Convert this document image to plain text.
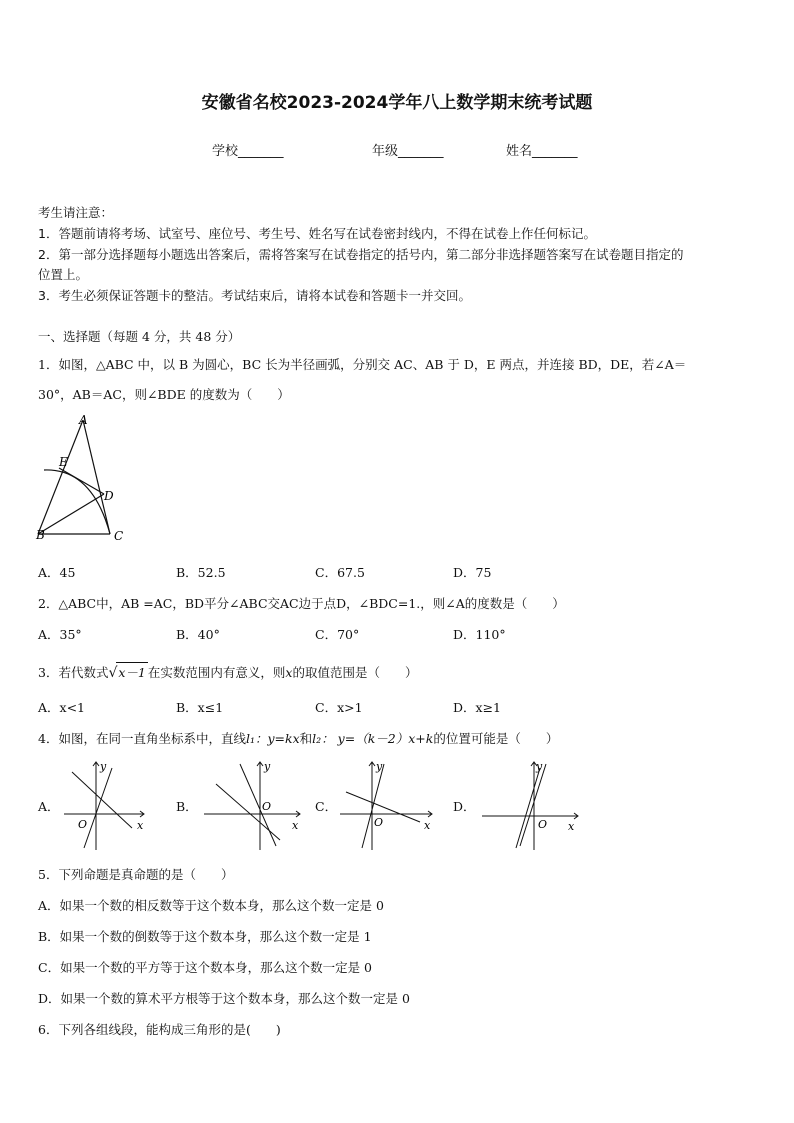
安徽省名校2023-2024学年八上数学期末统考试题
学校_______	年级_______	姓名_______
考生请注意：
1．答题前请将考场、试室号、座位号、考生号、姓名写在试卷密封线内，不得在试卷上作任何标记。
2．第一部分选择题每小题选出答案后，需将答案写在试卷指定的括号内，第二部分非选择题答案写在试卷题目指定的
位置上。
3．考生必须保证答题卡的整洁。考试结束后，请将本试卷和答题卡一并交回。
一、选择题（每题 4 分，共 48 分）
1．如图，△ABC 中，以 B 为圆心，BC 长为半径画弧，分别交 AC、AB 于 D，E 两点，并连接 BD，DE，若∠A＝
30°，AB＝AC，则∠BDE 的度数为（　　）
A
E
D
B	C
A．45	B．52.5	C．67.5	D．75
2．△ABC中，AB =AC，BD平分∠ABC交AC边于点D，∠BDC=1.，则∠A的度数是（　　）
A．35°	B．40°	C．70°	D．110°
3．若代数式√x－1 在实数范围内有意义，则x的取值范围是（　　）
A．x<1	B．x≤1	C．x>1	D．x≥1
4．如图，在同一直角坐标系中，直线l₁：y=kx和l₂： y=（k－2）x+k的位置可能是（　　）
A．	B．	C．	D．
y
x
O
y
x
O
y
x
O
y
x
O
5．下列命题是真命题的是（　　）
A．如果一个数的相反数等于这个数本身，那么这个数一定是 0
B．如果一个数的倒数等于这个数本身，那么这个数一定是 1
C．如果一个数的平方等于这个数本身，那么这个数一定是 0
D．如果一个数的算术平方根等于这个数本身，那么这个数一定是 0
6．下列各组线段，能构成三角形的是(　　)
